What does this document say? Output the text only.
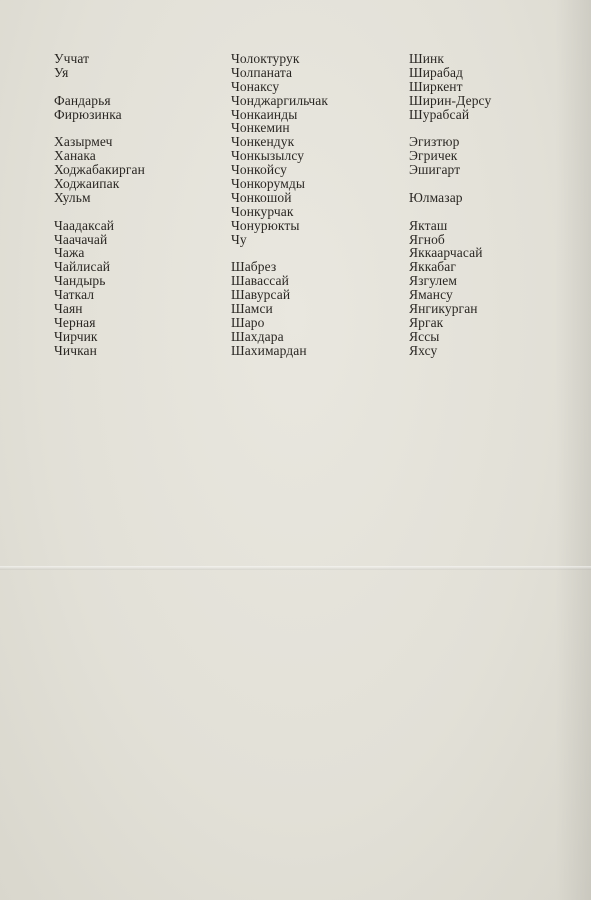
Уччат
Уя
Фандарья
Фирюзинка
Хазырмеч
Ханака
Ходжабакирган
Ходжаипак
Хульм
Чаадаксай
Чаачачай
Чажа
Чайлисай
Чандырь
Чаткал
Чаян
Черная
Чирчик
Чичкан
Чолоктурук
Чолпаната
Чонаксу
Чонджаргильчак
Чонкаинды
Чонкемин
Чонкендук
Чонкызылсу
Чонкойсу
Чонкорумды
Чонкошой
Чонкурчак
Чонурюкты
Чу
Шабрез
Шавассай
Шавурсай
Шамси
Шаро
Шахдара
Шахимардан
Шинк
Ширабад
Ширкент
Ширин-Дерсу
Шурабсай
Эгизтюр
Эгричек
Эшигарт
Юлмазар
Якташ
Ягноб
Яккаарчасай
Яккабаг
Язгулем
Ямансу
Янгикурган
Яргак
Яссы
Яхсу
